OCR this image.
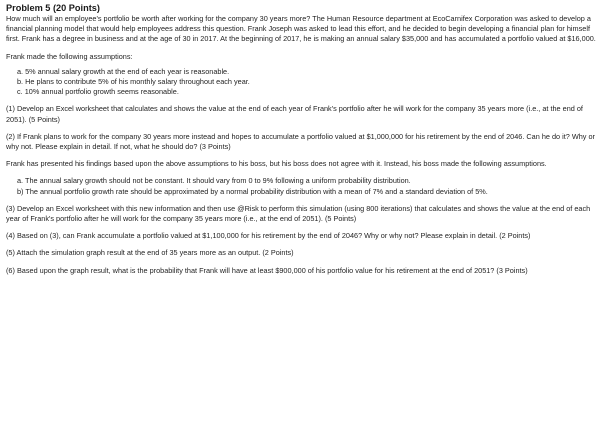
Problem 5 (20 Points)

How much will an employee's portfolio be worth after working for the company 30 years more? The Human Resource department at EcoCarnifex Corporation was asked to develop a financial planning model that would help employees address this question. Frank Joseph was asked to lead this effort, and he decided to begin developing a financial plan for himself first. Frank has a degree in business and at the age of 30 in 2017. At the beginning of 2017, he is making an annual salary $35,000 and has accumulated a portfolio valued at $16,000.

Frank made the following assumptions:

a. 5% annual salary growth at the end of each year is reasonable.

b. He plans to contribute 5% of his monthly salary throughout each year.

c. 10% annual portfolio growth seems reasonable.

(1) Develop an Excel worksheet that calculates and shows the value at the end of each year of Frank's portfolio after he will work for the company 35 years more (i.e., at the end of 2051). (5 Points)

(2) If Frank plans to work for the company 30 years more instead and hopes to accumulate a portfolio valued at $1,000,000 for his retirement by the end of 2046. Can he do it? Why or why not. Please explain in detail. If not, what he should do? (3 Points)

Frank has presented his findings based upon the above assumptions to his boss, but his boss does not agree with it. Instead, his boss made the following assumptions.

a. The annual salary growth should not be constant. It should vary from 0 to 9% following a uniform probability distribution.

b) The annual portfolio growth rate should be approximated by a normal probability distribution with a mean of 7% and a standard deviation of 5%.

(3) Develop an Excel worksheet with this new information and then use @Risk to perform this simulation (using 800 iterations) that calculates and shows the value at the end of each year of Frank's portfolio after he will work for the company 35 years more (i.e., at the end of 2051). (5 Points)

(4) Based on (3), can Frank accumulate a portfolio valued at $1,100,000 for his retirement by the end of 2046? Why or why not? Please explain in detail. (2 Points)

(5) Attach the simulation graph result at the end of 35 years more as an output. (2 Points)

(6) Based upon the graph result, what is the probability that Frank will have at least $900,000 of his portfolio value for his retirement at the end of 2051? (3 Points)
